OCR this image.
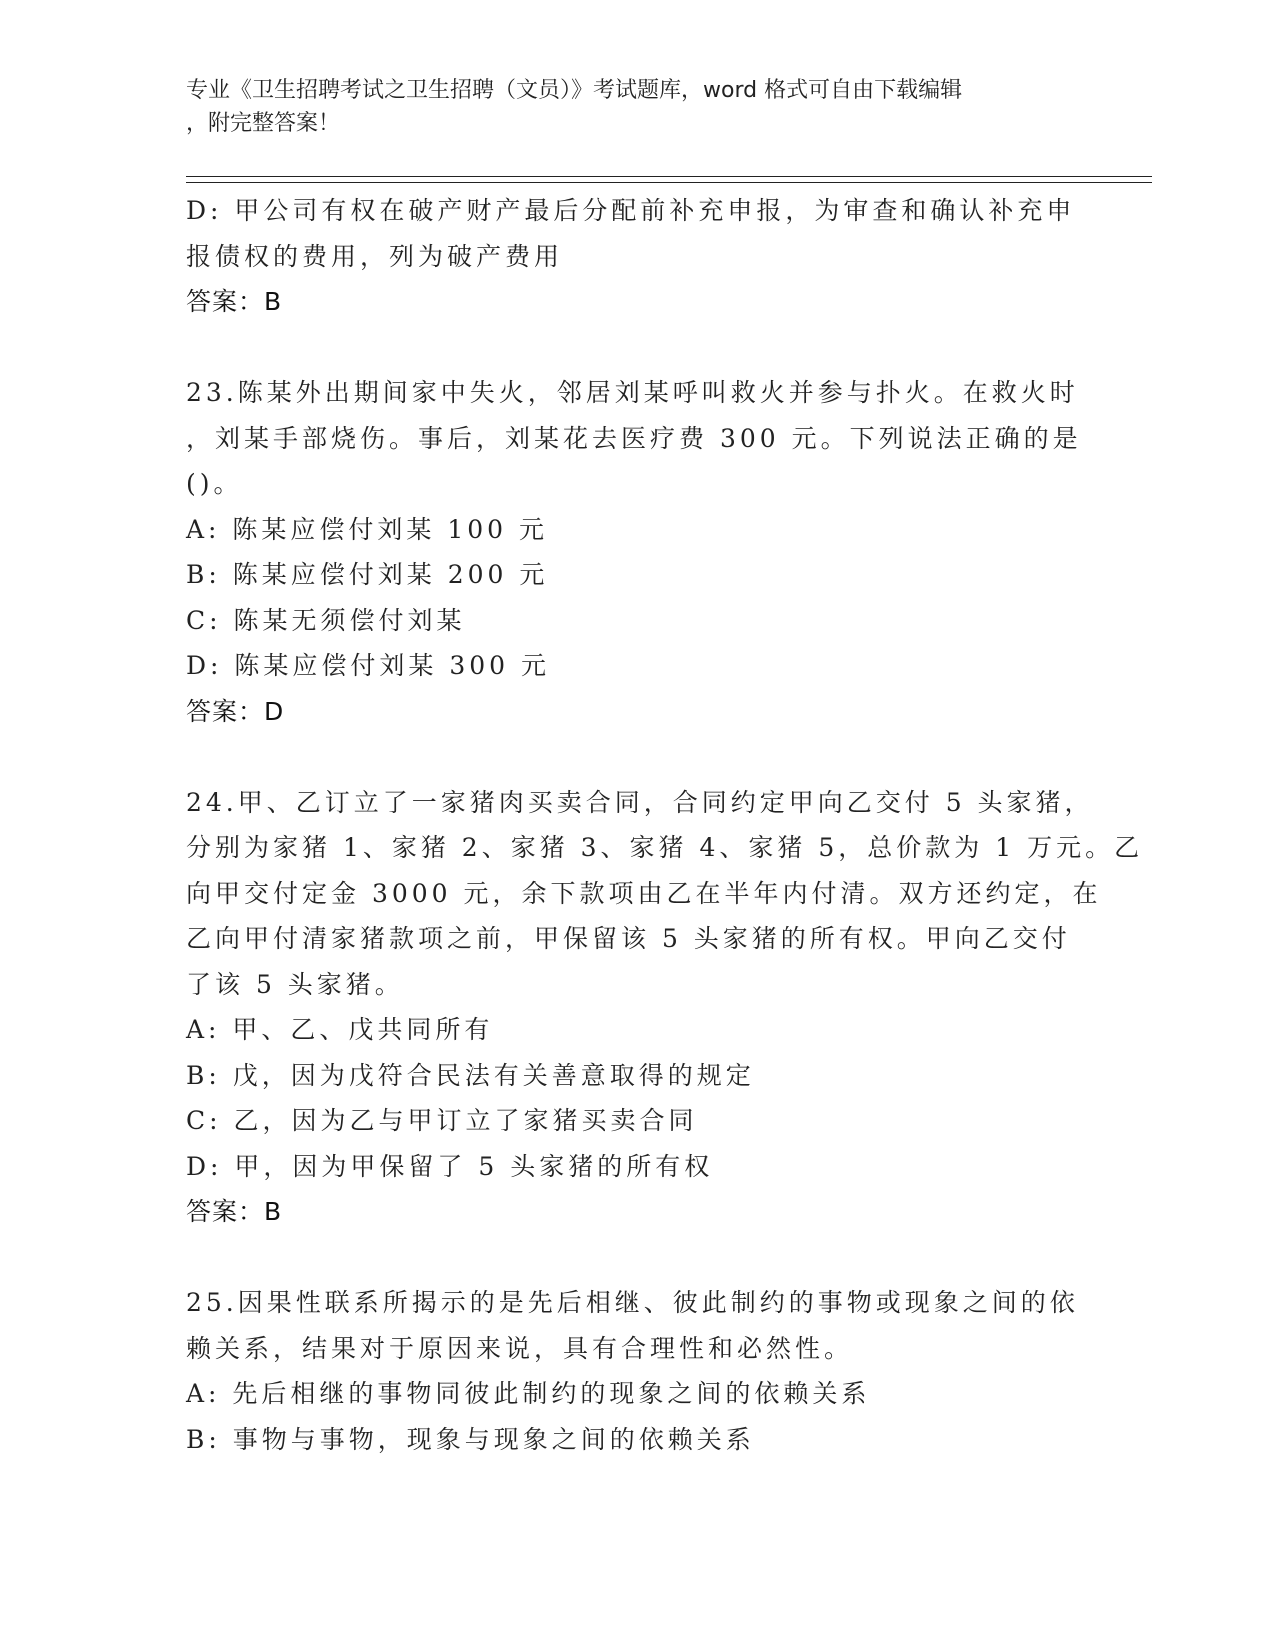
专业《卫生招聘考试之卫生招聘（文员）》考试题库，word 格式可自由下载编辑
，附完整答案！
D: 甲公司有权在破产财产最后分配前补充申报，为审查和确认补充申
报债权的费用，列为破产费用
答案：B
23.陈某外出期间家中失火，邻居刘某呼叫救火并参与扑火。在救火时
，刘某手部烧伤。事后，刘某花去医疗费 300 元。下列说法正确的是
()。
A: 陈某应偿付刘某 100 元
B: 陈某应偿付刘某 200 元
C: 陈某无须偿付刘某
D: 陈某应偿付刘某 300 元
答案：D
24.甲、乙订立了一家猪肉买卖合同，合同约定甲向乙交付 5 头家猪，
分别为家猪 1、家猪 2、家猪 3、家猪 4、家猪 5，总价款为 1 万元。乙
向甲交付定金 3000 元，余下款项由乙在半年内付清。双方还约定，在
乙向甲付清家猪款项之前，甲保留该 5 头家猪的所有权。甲向乙交付
了该 5 头家猪。
A: 甲、乙、戊共同所有
B: 戊，因为戊符合民法有关善意取得的规定
C: 乙，因为乙与甲订立了家猪买卖合同
D: 甲，因为甲保留了 5 头家猪的所有权
答案：B
25.因果性联系所揭示的是先后相继、彼此制约的事物或现象之间的依
赖关系，结果对于原因来说，具有合理性和必然性。
A: 先后相继的事物同彼此制约的现象之间的依赖关系
B: 事物与事物，现象与现象之间的依赖关系
